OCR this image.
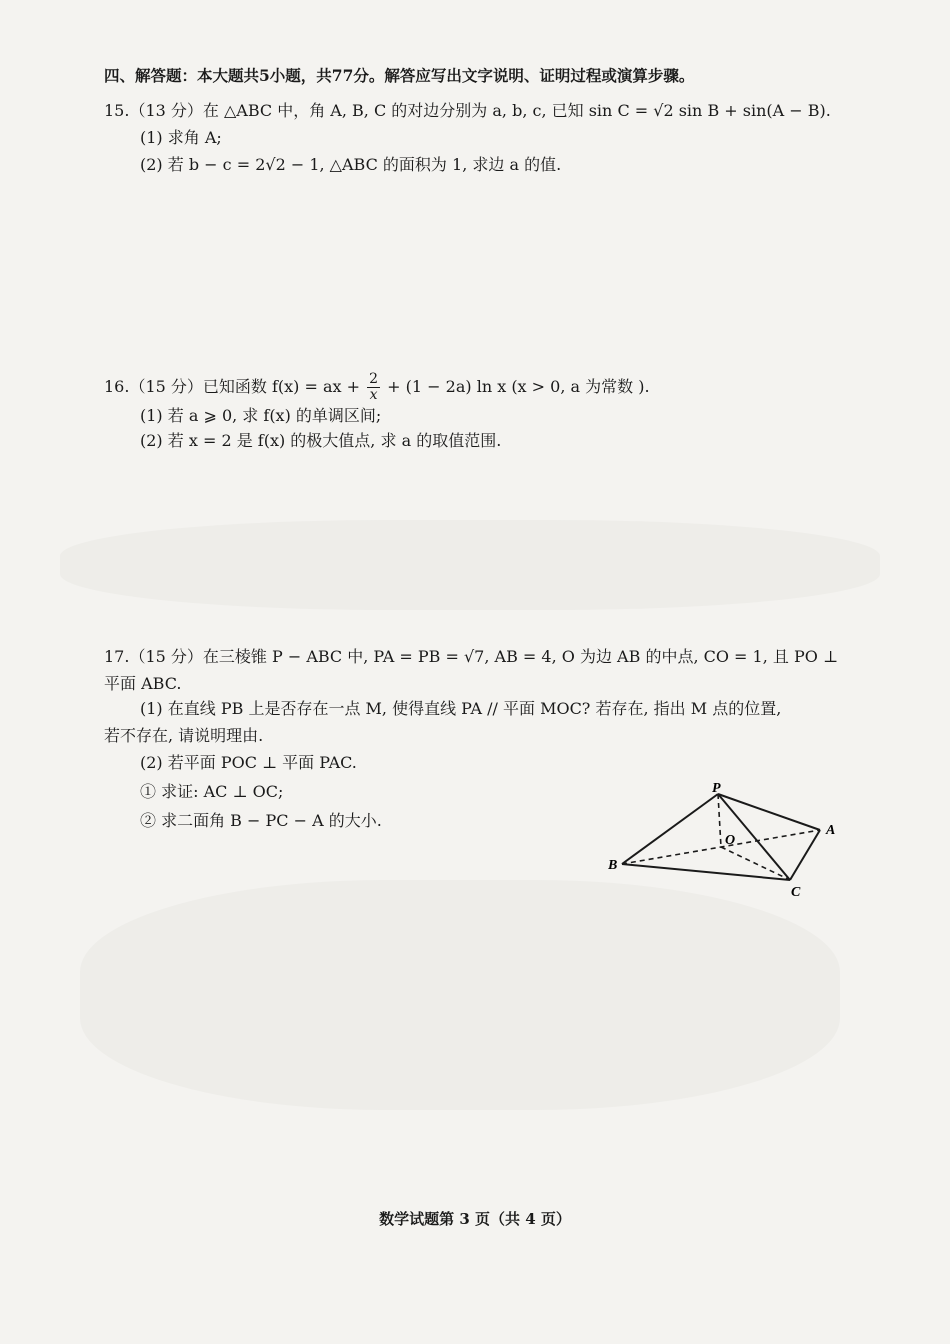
四、解答题：本大题共5小题，共77分。解答应写出文字说明、证明过程或演算步骤。
15.（13 分）在 △ABC 中，角 A, B, C 的对边分别为 a, b, c, 已知 sin C = √2 sin B + sin(A − B).
(1) 求角 A;
(2) 若 b − c = 2√2 − 1, △ABC 的面积为 1, 求边 a 的值.
16.（15 分）已知函数 f(x) = ax + $\frac{2}{x} + (1 - 2a)$ ln x (x > 0, a 为常数 ).
(1) 若 a ⩾ 0, 求 f(x) 的单调区间;
(2) 若 x = 2 是 f(x) 的极大值点, 求 a 的取值范围.
17.（15 分）在三棱锥 P − ABC 中, PA = PB = √7, AB = 4, O 为边 AB 的中点, CO = 1, 且 PO ⊥
平面 ABC.
(1) 在直线 PB 上是否存在一点 M, 使得直线 PA // 平面 MOC? 若存在, 指出 M 点的位置,
若不存在, 请说明理由.
(2) 若平面 POC ⊥ 平面 PAC.
① 求证: AC ⊥ OC;
② 求二面角 B − PC − A 的大小.
P
A
B
C
O
数学试题第 3 页（共 4 页）
